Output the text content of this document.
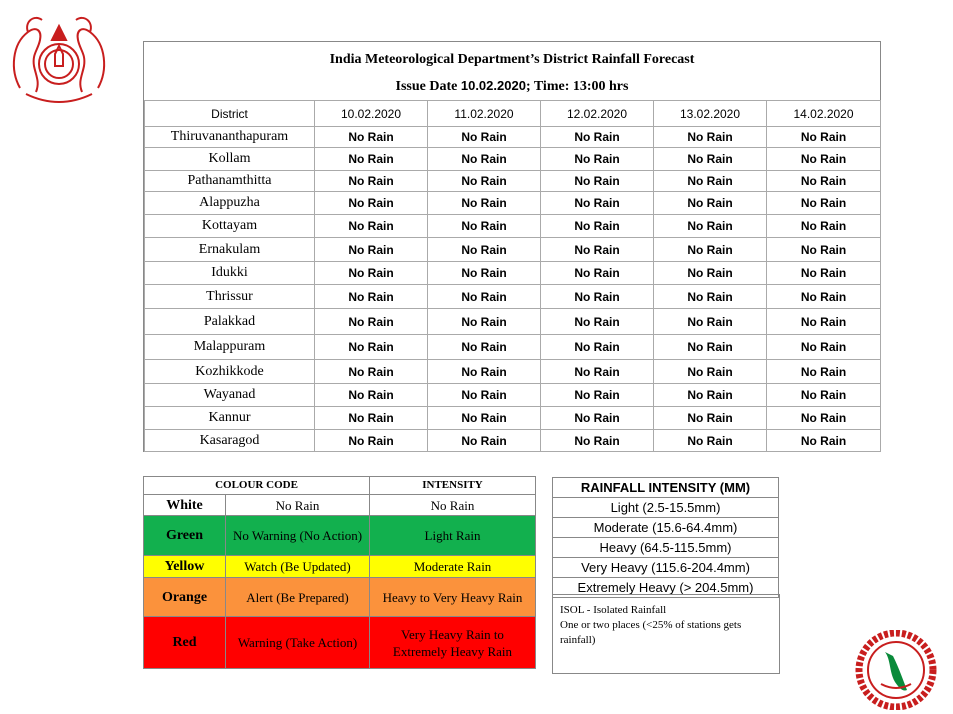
India Meteorological Department’s District Rainfall Forecast
Issue Date 10.02.2020; Time: 13:00 hrs
District	10.02.2020	11.02.2020	12.02.2020	13.02.2020	14.02.2020
Thiruvananthapuram	No Rain	No Rain	No Rain	No Rain	No Rain
Kollam	No Rain	No Rain	No Rain	No Rain	No Rain
Pathanamthitta	No Rain	No Rain	No Rain	No Rain	No Rain
Alappuzha	No Rain	No Rain	No Rain	No Rain	No Rain
Kottayam	No Rain	No Rain	No Rain	No Rain	No Rain
Ernakulam	No Rain	No Rain	No Rain	No Rain	No Rain
Idukki	No Rain	No Rain	No Rain	No Rain	No Rain
Thrissur	No Rain	No Rain	No Rain	No Rain	No Rain
Palakkad	No Rain	No Rain	No Rain	No Rain	No Rain
Malappuram	No Rain	No Rain	No Rain	No Rain	No Rain
Kozhikkode	No Rain	No Rain	No Rain	No Rain	No Rain
Wayanad	No Rain	No Rain	No Rain	No Rain	No Rain
Kannur	No Rain	No Rain	No Rain	No Rain	No Rain
Kasaragod	No Rain	No Rain	No Rain	No Rain	No Rain
COLOUR CODE		INTENSITY
White	No Rain	No Rain
Green	No Warning (No Action)	Light Rain
Yellow	Watch (Be Updated)	Moderate Rain
Orange	Alert (Be Prepared)	Heavy to Very Heavy Rain
Red	Warning (Take Action)	Very Heavy Rain to Extremely Heavy Rain
RAINFALL INTENSITY (MM)
Light (2.5-15.5mm)
Moderate (15.6-64.4mm)
Heavy (64.5-115.5mm)
Very Heavy (115.6-204.4mm)
Extremely Heavy (> 204.5mm)
ISOL - Isolated Rainfall
One or two places (<25% of stations gets
rainfall)
